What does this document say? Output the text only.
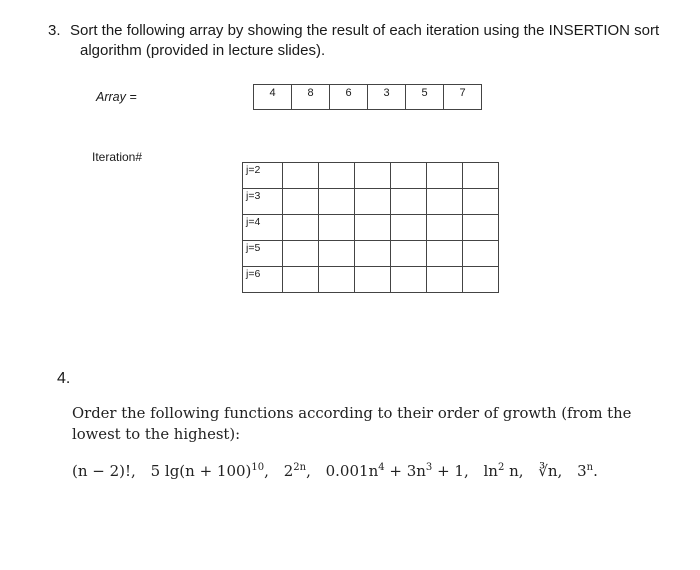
3. Sort the following array by showing the result of each iteration using the INSERTION sort
algorithm (provided in lecture slides).
Array =	4	8	6	3	5	7
Iteration#
j=2						
j=3						
j=4						
j=5						
j=6						
4.
Order the following functions according to their order of growth (from the lowest to the highest):
(n − 2)!, 5 $\lg(n + 100)^{10}$, $2^{2n}$, $0.001n^4 + 3n^3 + 1$, $\ln^2 n$, ∛n, 3$^n$.
